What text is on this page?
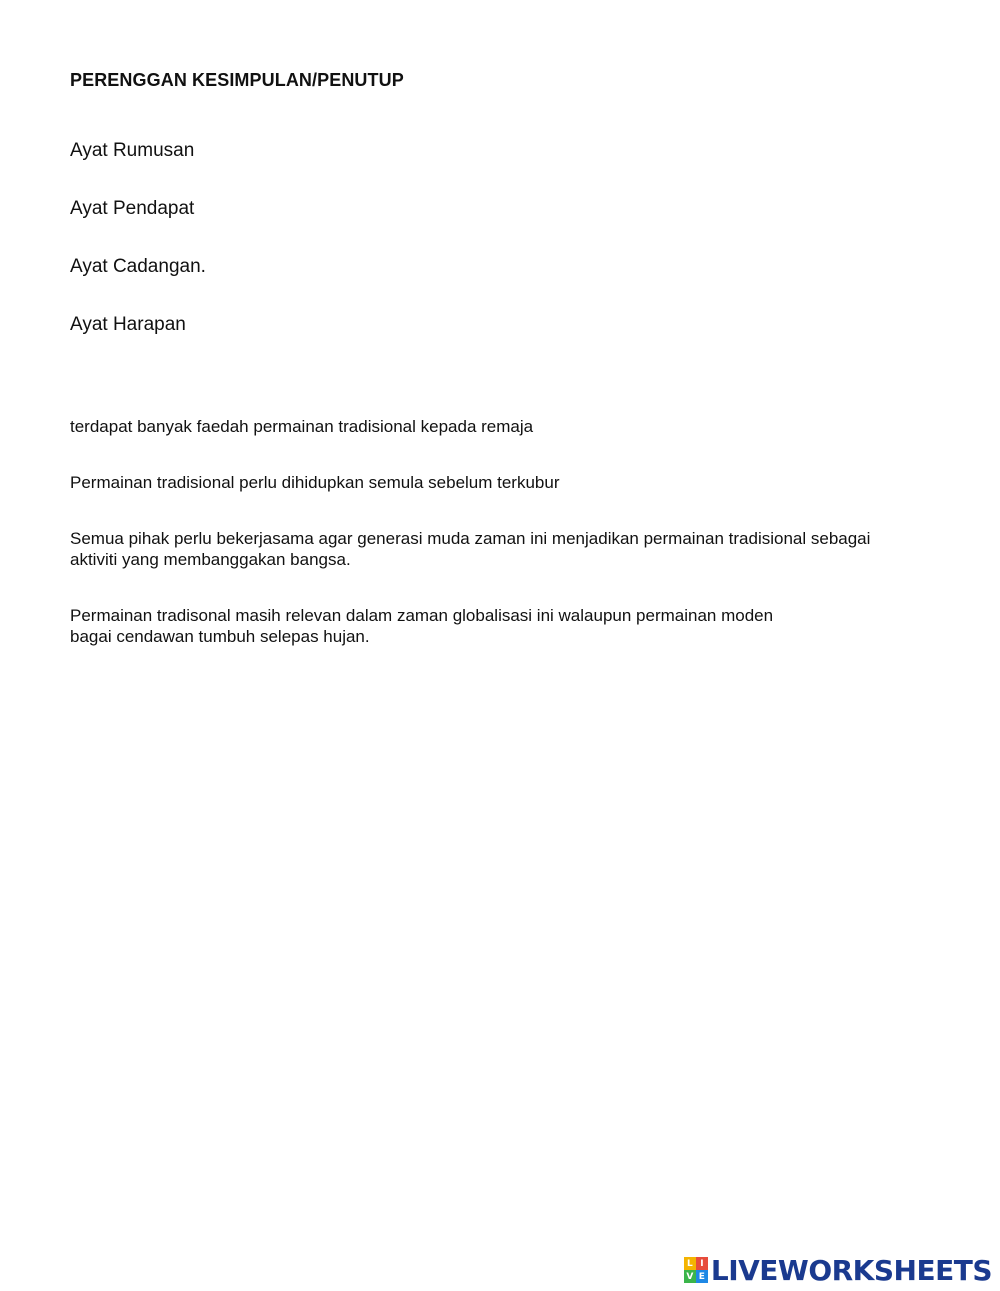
PERENGGAN KESIMPULAN/PENUTUP

Ayat Rumusan

Ayat Pendapat

Ayat Cadangan.

Ayat Harapan

terdapat banyak faedah permainan tradisional kepada remaja
Permainan tradisional perlu dihidupkan semula sebelum terkubur
Semua pihak perlu bekerjasama agar generasi muda zaman ini menjadikan permainan tradisional sebagai
aktiviti yang membanggakan bangsa.
Permainan tradisonal masih relevan dalam zaman globalisasi ini walaupun permainan moden
bagai cendawan tumbuh selepas hujan.
L I
V E LIVEWORKSHEETS
